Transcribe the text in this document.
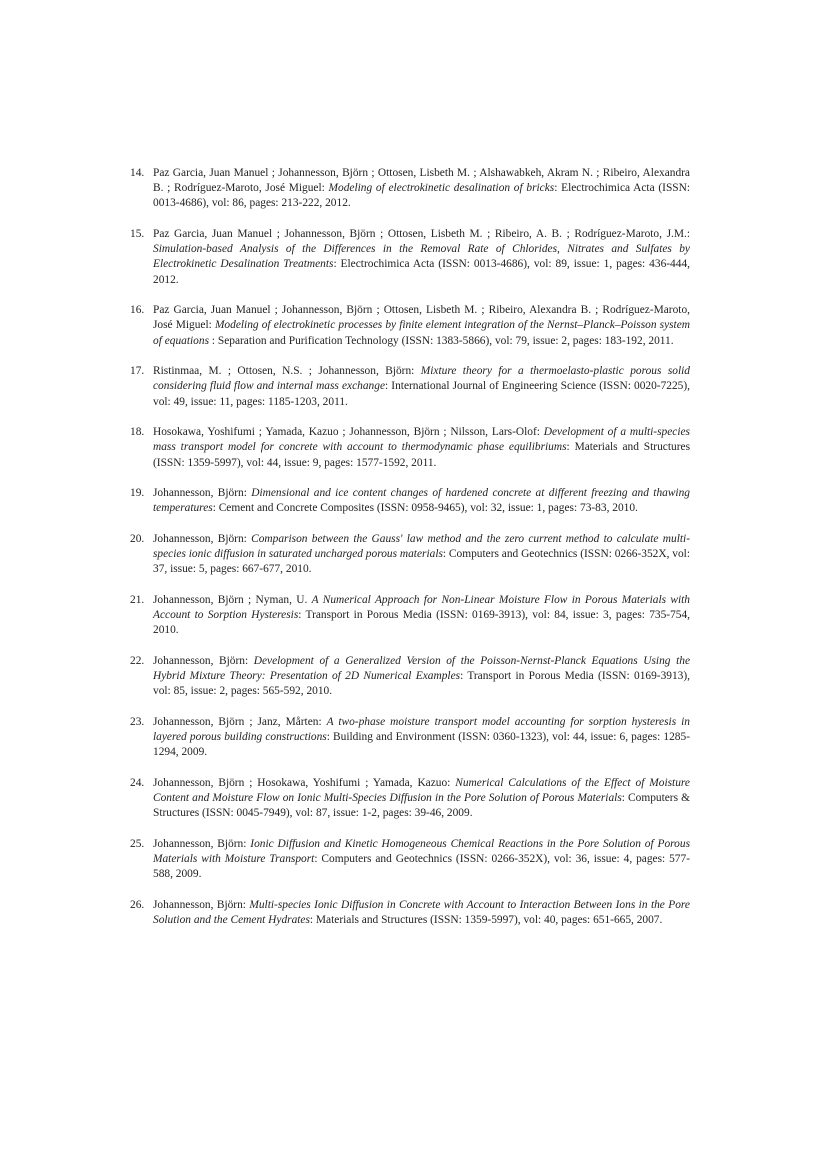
14. Paz Garcia, Juan Manuel ; Johannesson, Björn ; Ottosen, Lisbeth M. ; Alshawabkeh, Akram N. ; Ribeiro, Alexandra B. ; Rodríguez-Maroto, José Miguel: Modeling of electrokinetic desalination of bricks: Electrochimica Acta (ISSN: 0013-4686), vol: 86, pages: 213-222, 2012.
15. Paz Garcia, Juan Manuel ; Johannesson, Björn ; Ottosen, Lisbeth M. ; Ribeiro, A. B. ; Rodríguez-Maroto, J.M.: Simulation-based Analysis of the Differences in the Removal Rate of Chlorides, Nitrates and Sulfates by Electrokinetic Desalination Treatments: Electrochimica Acta (ISSN: 0013-4686), vol: 89, issue: 1, pages: 436-444, 2012.
16. Paz Garcia, Juan Manuel ; Johannesson, Björn ; Ottosen, Lisbeth M. ; Ribeiro, Alexandra B. ; Rodríguez-Maroto, José Miguel: Modeling of electrokinetic processes by finite element integration of the Nernst–Planck–Poisson system of equations : Separation and Purification Technology (ISSN: 1383-5866), vol: 79, issue: 2, pages: 183-192, 2011.
17. Ristinmaa, M. ; Ottosen, N.S. ; Johannesson, Björn: Mixture theory for a thermoelasto-plastic porous solid considering fluid flow and internal mass exchange: International Journal of Engineering Science (ISSN: 0020-7225), vol: 49, issue: 11, pages: 1185-1203, 2011.
18. Hosokawa, Yoshifumi ; Yamada, Kazuo ; Johannesson, Björn ; Nilsson, Lars-Olof: Development of a multi-species mass transport model for concrete with account to thermodynamic phase equilibriums: Materials and Structures (ISSN: 1359-5997), vol: 44, issue: 9, pages: 1577-1592, 2011.
19. Johannesson, Björn: Dimensional and ice content changes of hardened concrete at different freezing and thawing temperatures: Cement and Concrete Composites (ISSN: 0958-9465), vol: 32, issue: 1, pages: 73-83, 2010.
20. Johannesson, Björn: Comparison between the Gauss' law method and the zero current method to calculate multi-species ionic diffusion in saturated uncharged porous materials: Computers and Geotechnics (ISSN: 0266-352X, vol: 37, issue: 5, pages: 667-677, 2010.
21. Johannesson, Björn ; Nyman, U. A Numerical Approach for Non-Linear Moisture Flow in Porous Materials with Account to Sorption Hysteresis: Transport in Porous Media (ISSN: 0169-3913), vol: 84, issue: 3, pages: 735-754, 2010.
22. Johannesson, Björn: Development of a Generalized Version of the Poisson-Nernst-Planck Equations Using the Hybrid Mixture Theory: Presentation of 2D Numerical Examples: Transport in Porous Media (ISSN: 0169-3913), vol: 85, issue: 2, pages: 565-592, 2010.
23. Johannesson, Björn ; Janz, Mårten: A two-phase moisture transport model accounting for sorption hysteresis in layered porous building constructions: Building and Environment (ISSN: 0360-1323), vol: 44, issue: 6, pages: 1285-1294, 2009.
24. Johannesson, Björn ; Hosokawa, Yoshifumi ; Yamada, Kazuo: Numerical Calculations of the Effect of Moisture Content and Moisture Flow on Ionic Multi-Species Diffusion in the Pore Solution of Porous Materials: Computers & Structures (ISSN: 0045-7949), vol: 87, issue: 1-2, pages: 39-46, 2009.
25. Johannesson, Björn: Ionic Diffusion and Kinetic Homogeneous Chemical Reactions in the Pore Solution of Porous Materials with Moisture Transport: Computers and Geotechnics (ISSN: 0266-352X), vol: 36, issue: 4, pages: 577-588, 2009.
26. Johannesson, Björn: Multi-species Ionic Diffusion in Concrete with Account to Interaction Between Ions in the Pore Solution and the Cement Hydrates: Materials and Structures (ISSN: 1359-5997), vol: 40, pages: 651-665, 2007.
